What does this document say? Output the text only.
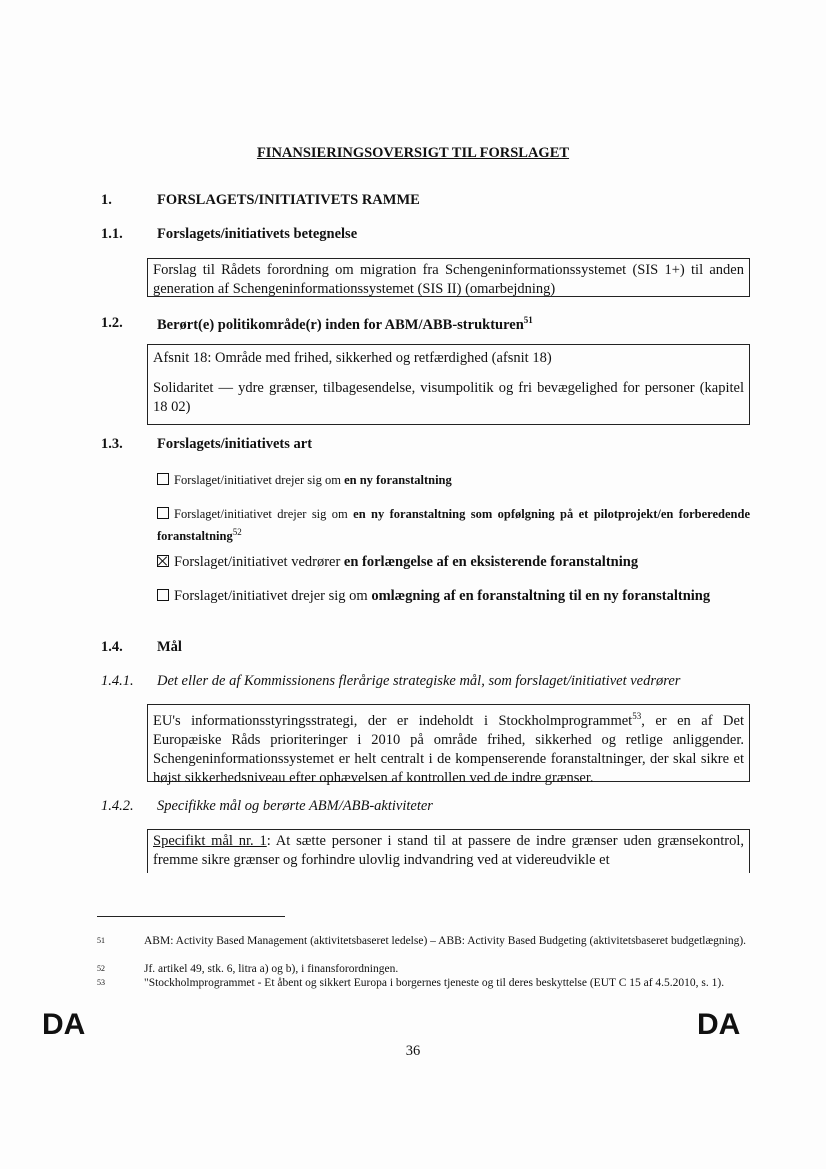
FINANSIERINGSOVERSIGT TIL FORSLAGET
1.	FORSLAGETS/INITIATIVETS RAMME
1.1. Forslagets/initiativets betegnelse

Forslag til Rådets forordning om migration fra Schengeninformationssystemet (SIS 1+) til anden generation af Schengeninformationssystemet (SIS II) (omarbejdning)

1.2. Berørt(e) politikområde(r) inden for ABM/ABB-strukturen$^{51}$

Afsnit 18: Område med frihed, sikkerhed og retfærdighed (afsnit 18)

Solidaritet — ydre grænser, tilbagesendelse, visumpolitik og fri bevægelighed for personer (kapitel 18 02)

1.3. Forslagets/initiativets art
Forslaget/initiativet drejer sig om en ny foranstaltning
Forslaget/initiativet drejer sig om en ny foranstaltning som opfølgning på et pilotprojekt/en forberedende foranstaltning$^{52}$
Forslaget/initiativet vedrører en forlængelse af en eksisterende foranstaltning
Forslaget/initiativet drejer sig om omlægning af en foranstaltning til en ny foranstaltning
1.4. Mål
1.4.1. Det eller de af Kommissionens flerårige strategiske mål, som forslaget/initiativet vedrører

EU's informationsstyringsstrategi, der er indeholdt i Stockholmprogrammet$^{53}$, er en af Det Europæiske Råds prioriteringer i 2010 på område frihed, sikkerhed og retlige anliggender. Schengeninformationssystemet er helt centralt i de kompenserende foranstaltninger, der skal sikre et højst sikkerhedsniveau efter ophævelsen af kontrollen ved de indre grænser.

1.4.2. Specifikke mål og berørte ABM/ABB-aktiviteter

Specifikt mål nr. 1: At sætte personer i stand til at passere de indre grænser uden grænsekontrol, fremme sikre grænser og forhindre ulovlig indvandring ved at videreudvikle et

51	ABM: Activity Based Management (aktivitetsbaseret ledelse) – ABB: Activity Based Budgeting (aktivitetsbaseret budgetlægning).
52	Jf. artikel 49, stk. 6, litra a) og b), i finansforordningen.
53	"Stockholmprogrammet - Et åbent og sikkert Europa i borgernes tjeneste og til deres beskyttelse (EUT C 15 af 4.5.2010, s. 1).
DA
36
DA
